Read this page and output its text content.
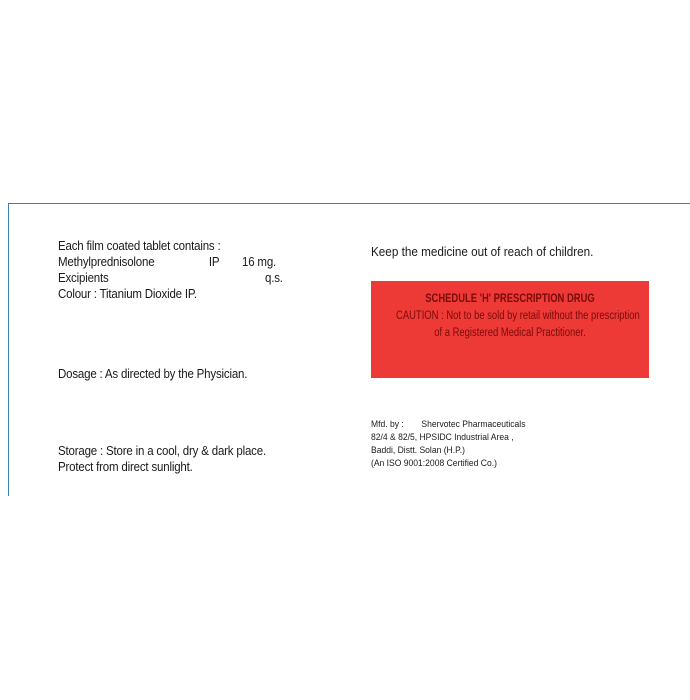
Each film coated tablet contains :
Methylprednisolone	IP 16 mg.
Excipients	q.s.
Colour : Titanium Dioxide IP.
Dosage : As directed by the Physician.
Storage : Store in a cool, dry & dark place.
Protect from direct sunlight.
Keep the medicine out of reach of children.
SCHEDULE 'H' PRESCRIPTION DRUG
CAUTION : Not to be sold by retail without the prescription
of a Registered Medical Practitioner.
Mfd. by :	Shervotec Pharmaceuticals
82/4 & 82/5, HPSIDC Industrial Area ,
Baddi, Distt. Solan (H.P.)
(An ISO 9001:2008 Certified Co.)
